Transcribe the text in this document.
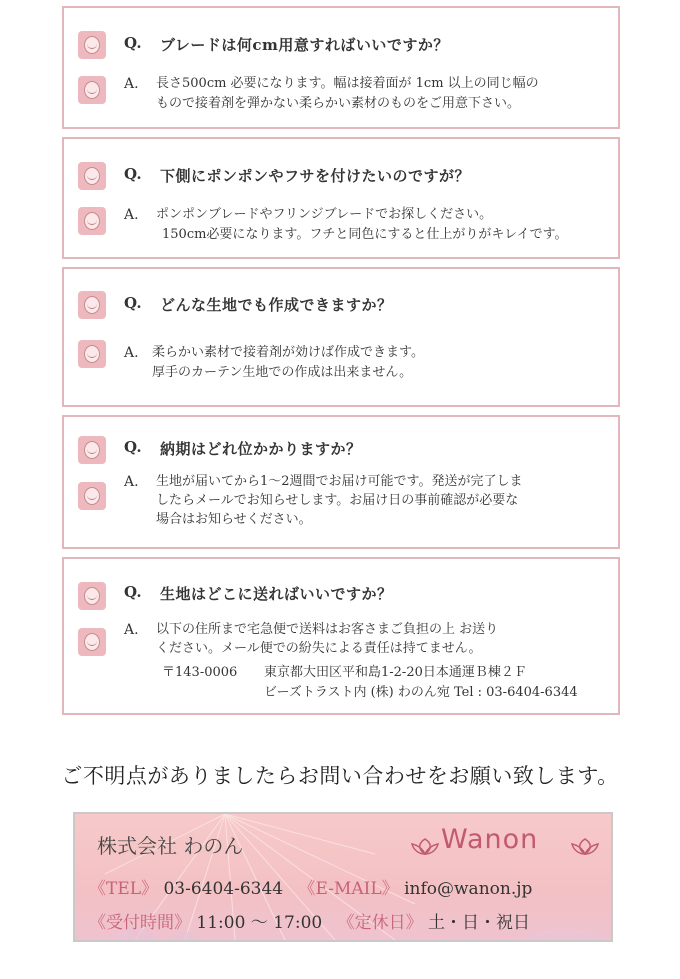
Q. ブレードは何cm用意すればいいですか？
A. 長さ500cm 必要になります。幅は接着面が 1cm 以上の同じ幅の
もので接着剤を弾かない柔らかい素材のものをご用意下さい。
Q. 下側にポンポンやフサを付けたいのですが？
A. ポンポンブレードやフリンジブレードでお探しください。
150cm必要になります。フチと同色にすると仕上がりがキレイです。
Q. どんな生地でも作成できますか？
A. 柔らかい素材で接着剤が効けば作成できます。
厚手のカーテン生地での作成は出来ません。
Q. 納期はどれ位かかりますか？
A. 生地が届いてから1〜2週間でお届け可能です。発送が完了しま
したらメールでお知らせします。お届け日の事前確認が必要な
場合はお知らせください。
Q. 生地はどこに送ればいいですか？
A. 以下の住所まで宅急便で送料はお客さまご負担の上 お送り
ください。メール便での紛失による責任は持てません。
〒143-0006 東京都大田区平和島1-2-20日本通運Ｂ棟２Ｆ
ビーズトラスト内 (株) わのん宛 Tel : 03-6404-6344
ご不明点がありましたらお問い合わせをお願い致します。
株式会社 わのん	Wanon
《TEL》 03-6404-6344 《E-MAIL》 info@wanon.jp
《受付時間》 11:00 〜 17:00 《定休日》 土・日・祝日
